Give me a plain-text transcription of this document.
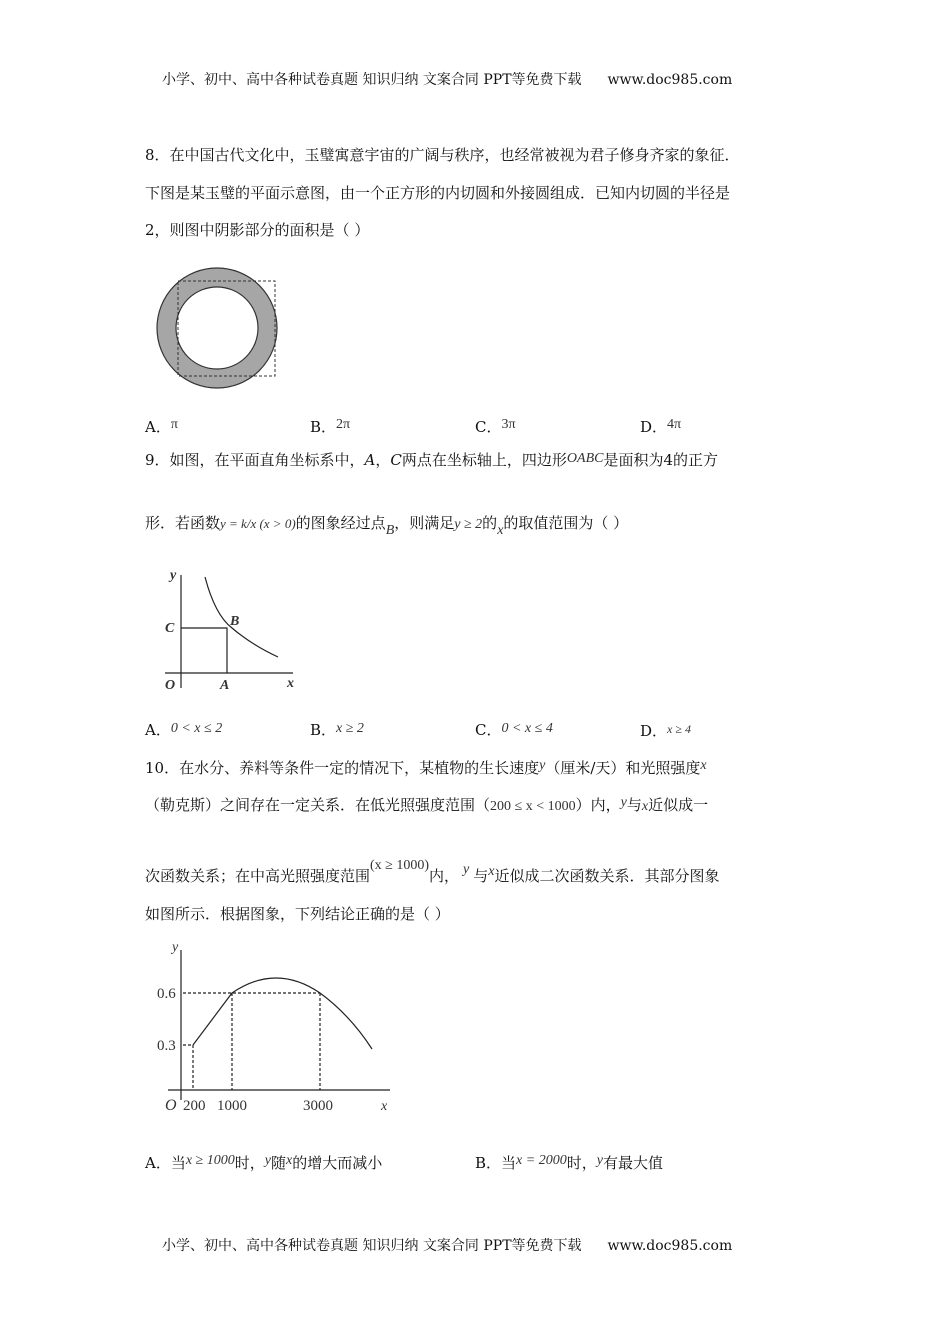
小学、初中、高中各种试卷真题 知识归纳 文案合同 PPT等免费下载 www.doc985.com
8．在中国古代文化中，玉璧寓意宇宙的广阔与秩序，也经常被视为君子修身齐家的象征．
下图是某玉璧的平面示意图，由一个正方形的内切圆和外接圆组成．已知内切圆的半径是
2，则图中阴影部分的面积是（ ）
y
C	B
O	A	x
y
0.6
0.3
O 200 1000	3000	x
A．π	B．2π	C．3π	D．4π
9．如图，在平面直角坐标系中，A，C两点在坐标轴上，四边形OABC是面积为4的正方
形．若函数y = k/x (x > 0)的图象经过点B，则满足y ≥ 2的x的取值范围为（ ）
A．0 < x ≤ 2	B．x ≥ 2	C．0 < x ≤ 4	D．$^{x \ge 4}$
10．在水分、养料等条件一定的情况下，某植物的生长速度y（厘米/天）和光照强度x
（勒克斯）之间存在一定关系．在低光照强度范围（200 ≤ x < 1000）内，y与x近似成一
次函数关系；在中高光照强度范围(x ≥ 1000)内， y 与x近似成二次函数关系．其部分图象
如图所示．根据图象，下列结论正确的是（ ）
A．当x ≥ 1000时，y随x的增大而减小	B．当x = 2000时，y有最大值
小学、初中、高中各种试卷真题 知识归纳 文案合同 PPT等免费下载 www.doc985.com
